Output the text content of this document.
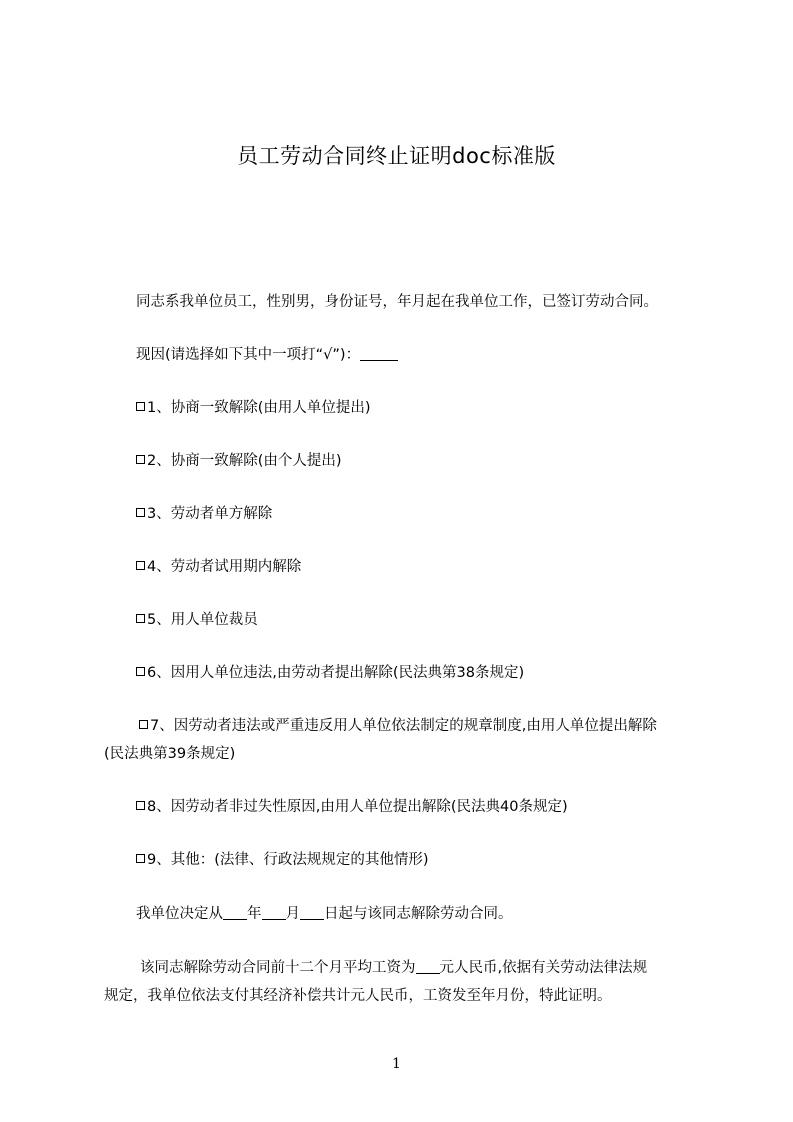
员工劳动合同终止证明doc标准版
同志系我单位员工，性别男，身份证号，年月起在我单位工作，已签订劳动合同。
现因(请选择如下其中一项打“√”)：
1、协商一致解除(由用人单位提出)
2、协商一致解除(由个人提出)
3、劳动者单方解除
4、劳动者试用期内解除
5、用人单位裁员
6、因用人单位违法,由劳动者提出解除(民法典第38条规定)
7、因劳动者违法或严重违反用人单位依法制定的规章制度,由用人单位提出解除
(民法典第39条规定)
8、因劳动者非过失性原因,由用人单位提出解除(民法典40条规定)
9、其他：(法律、行政法规规定的其他情形)
我单位决定从 年 月 日起与该同志解除劳动合同。
该同志解除劳动合同前十二个月平均工资为 元人民币,依据有关劳动法律法规
规定，我单位依法支付其经济补偿共计元人民币，工资发至年月份，特此证明。
1
